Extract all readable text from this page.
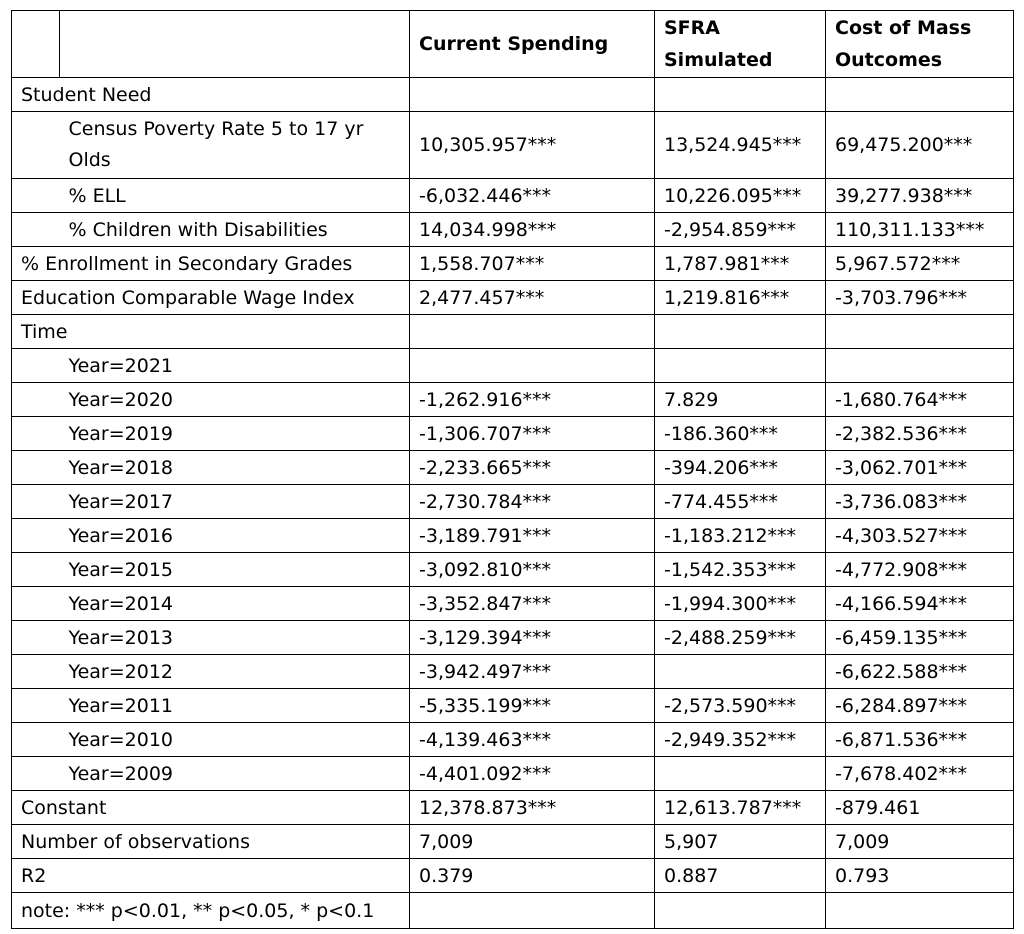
		Current Spending	SFRA Simulated	Cost of Mass Outcomes
Student Need				
	Census Poverty Rate 5 to 17 yr Olds	10,305.957***	13,524.945***	69,475.200***
	% ELL	-6,032.446***	10,226.095***	39,277.938***
	% Children with Disabilities	14,034.998***	-2,954.859***	110,311.133***
% Enrollment in Secondary Grades		1,558.707***	1,787.981***	5,967.572***
Education Comparable Wage Index		2,477.457***	1,219.816***	-3,703.796***
Time				
	Year=2021			
	Year=2020	-1,262.916***	7.829	-1,680.764***
	Year=2019	-1,306.707***	-186.360***	-2,382.536***
	Year=2018	-2,233.665***	-394.206***	-3,062.701***
	Year=2017	-2,730.784***	-774.455***	-3,736.083***
	Year=2016	-3,189.791***	-1,183.212***	-4,303.527***
	Year=2015	-3,092.810***	-1,542.353***	-4,772.908***
	Year=2014	-3,352.847***	-1,994.300***	-4,166.594***
	Year=2013	-3,129.394***	-2,488.259***	-6,459.135***
	Year=2012	-3,942.497***		-6,622.588***
	Year=2011	-5,335.199***	-2,573.590***	-6,284.897***
	Year=2010	-4,139.463***	-2,949.352***	-6,871.536***
	Year=2009	-4,401.092***		-7,678.402***
Constant		12,378.873***	12,613.787***	-879.461
Number of observations		7,009	5,907	7,009
R2		0.379	0.887	0.793
note: *** p<0.01, ** p<0.05, * p<0.1				
